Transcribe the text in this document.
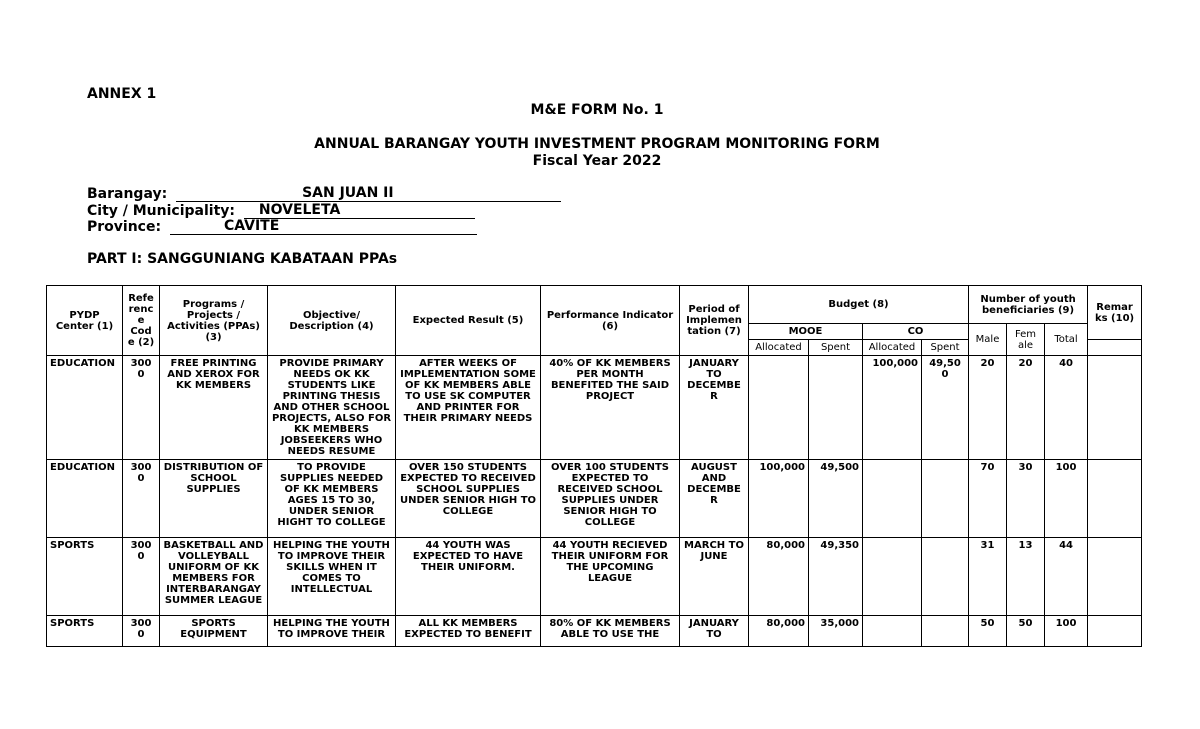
ANNEX 1
M&E FORM No. 1
ANNUAL BARANGAY YOUTH INVESTMENT PROGRAM MONITORING FORM
Fiscal Year 2022
Barangay:	SAN JUAN II
City / Municipality: NOVELETA
Province:	CAVITE
PART I: SANGGUNIANG KABATAAN PPAs
PYDP Center (1)	Refe renc e Cod e (2)	Programs / Projects / Activities (PPAs) (3)	Objective/ Description (4)	Expected Result (5)	Performance Indicator (6)	Period of Implemen tation (7)	Budget (8)				Number of youth beneficiaries (9)			Remar ks (10)
							MOOE		CO		Male	Fem ale	Total	
							Allocated	Spent	Allocated	Spent				
EDUCATION	300 0	FREE PRINTING AND XEROX FOR KK MEMBERS	PROVIDE PRIMARY NEEDS OK KK STUDENTS LIKE PRINTING THESIS AND OTHER SCHOOL PROJECTS, ALSO FOR KK MEMBERS JOBSEEKERS WHO NEEDS RESUME	AFTER WEEKS OF IMPLEMENTATION SOME OF KK MEMBERS ABLE TO USE SK COMPUTER AND PRINTER FOR THEIR PRIMARY NEEDS	40% OF KK MEMBERS PER MONTH BENEFITED THE SAID PROJECT	JANUARY TO DECEMBE R			100,000	49,50 0	20	20	40	
EDUCATION	300 0	DISTRIBUTION OF SCHOOL SUPPLIES	TO PROVIDE SUPPLIES NEEDED OF KK MEMBERS AGES 15 TO 30, UNDER SENIOR HIGHT TO COLLEGE	OVER 150 STUDENTS EXPECTED TO RECEIVED SCHOOL SUPPLIES UNDER SENIOR HIGH TO COLLEGE	OVER 100 STUDENTS EXPECTED TO RECEIVED SCHOOL SUPPLIES UNDER SENIOR HIGH TO COLLEGE	AUGUST AND DECEMBE R	100,000	49,500			70	30	100	
SPORTS	300 0	BASKETBALL AND VOLLEYBALL UNIFORM OF KK MEMBERS FOR INTERBARANGAY SUMMER LEAGUE	HELPING THE YOUTH TO IMPROVE THEIR SKILLS WHEN IT COMES TO INTELLECTUAL	44 YOUTH WAS EXPECTED TO HAVE THEIR UNIFORM.	44 YOUTH RECIEVED THEIR UNIFORM FOR THE UPCOMING LEAGUE	MARCH TO JUNE	80,000	49,350			31	13	44	
SPORTS	300 0	SPORTS EQUIPMENT	HELPING THE YOUTH TO IMPROVE THEIR	ALL KK MEMBERS EXPECTED TO BENEFIT	80% OF KK MEMBERS ABLE TO USE THE	JANUARY TO	80,000	35,000			50	50	100	
